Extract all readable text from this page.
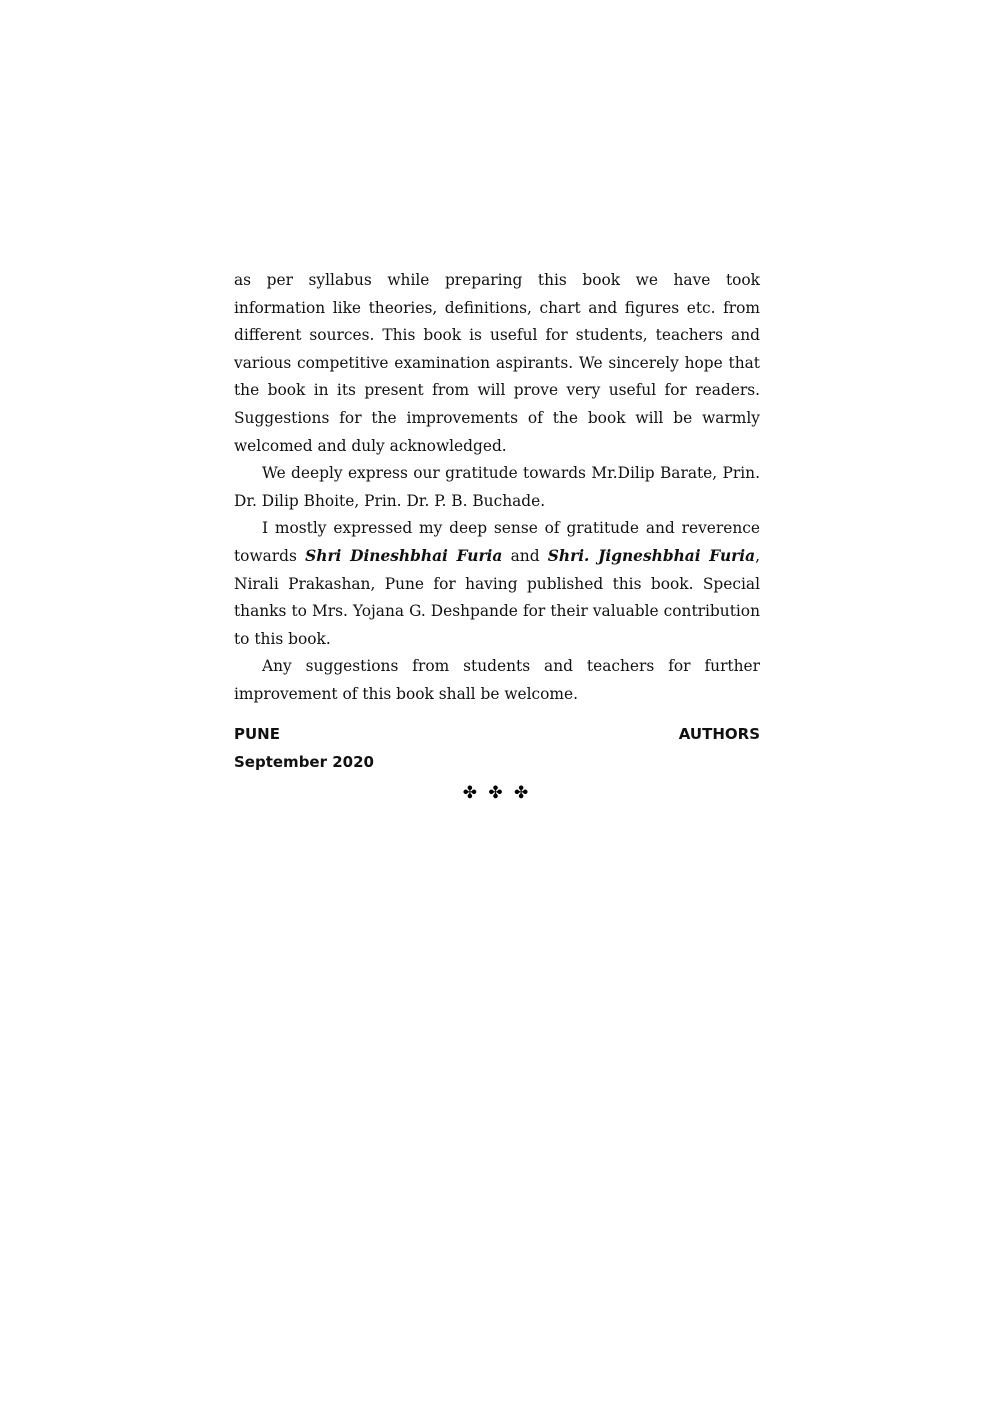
as per syllabus while preparing this book we have took information like theories, definitions, chart and figures etc. from different sources. This book is useful for students, teachers and various competitive examination aspirants. We sincerely hope that the book in its present from will prove very useful for readers. Suggestions for the improvements of the book will be warmly welcomed and duly acknowledged.

We deeply express our gratitude towards Mr.Dilip Barate, Prin. Dr. Dilip Bhoite, Prin. Dr. P. B. Buchade.

I mostly expressed my deep sense of gratitude and reverence towards Shri Dineshbhai Furia and Shri. Jigneshbhai Furia, Nirali Prakashan, Pune for having published this book. Special thanks to Mrs. Yojana G. Deshpande for their valuable contribution to this book.

Any suggestions from students and teachers for further improvement of this book shall be welcome.

PUNE	AUTHORS
September 2020
✤ ✤ ✤
